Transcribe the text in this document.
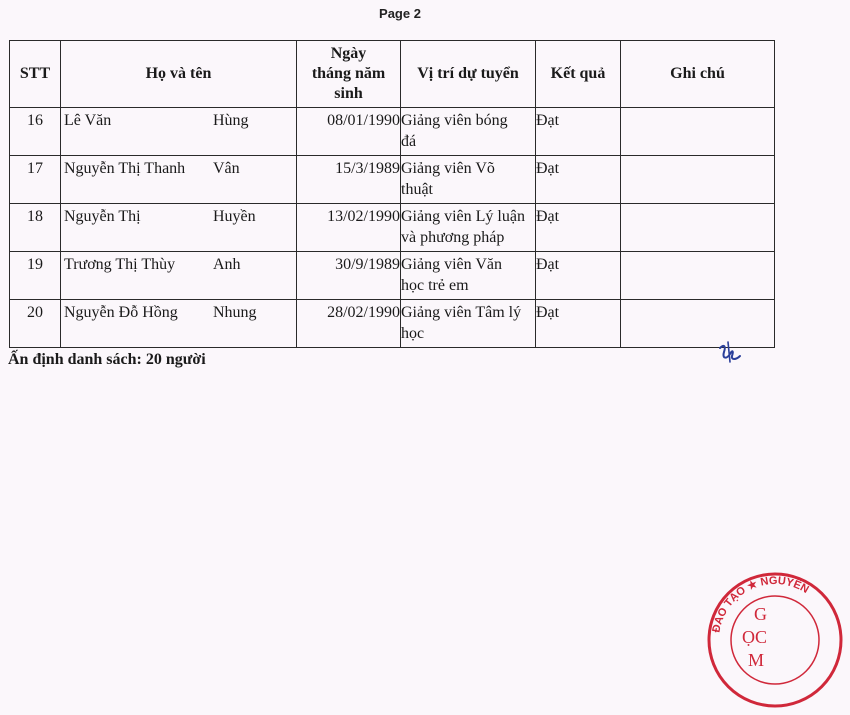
Page 2
STT	Họ và tên	Ngày
tháng năm
sinh	Vị trí dự tuyển	Kết quả	Ghi chú
16	Lê Văn Hùng	08/01/1990	Giảng viên bóng
đá	Đạt	
17	Nguyễn Thị Thanh Vân	15/3/1989	Giảng viên Võ
thuật	Đạt	
18	Nguyễn Thị Huyền	13/02/1990	Giảng viên Lý luận
và phương pháp	Đạt	
19	Trương Thị Thùy Anh	30/9/1989	Giảng viên Văn
học trẻ em	Đạt	
20	Nguyễn Đỗ Hồng Nhung	28/02/1990	Giảng viên Tâm lý
học	Đạt	
Ấn định danh sách: 20 người
ĐÀO TẠO ★ NGUYÊN
G
ỌC
M
